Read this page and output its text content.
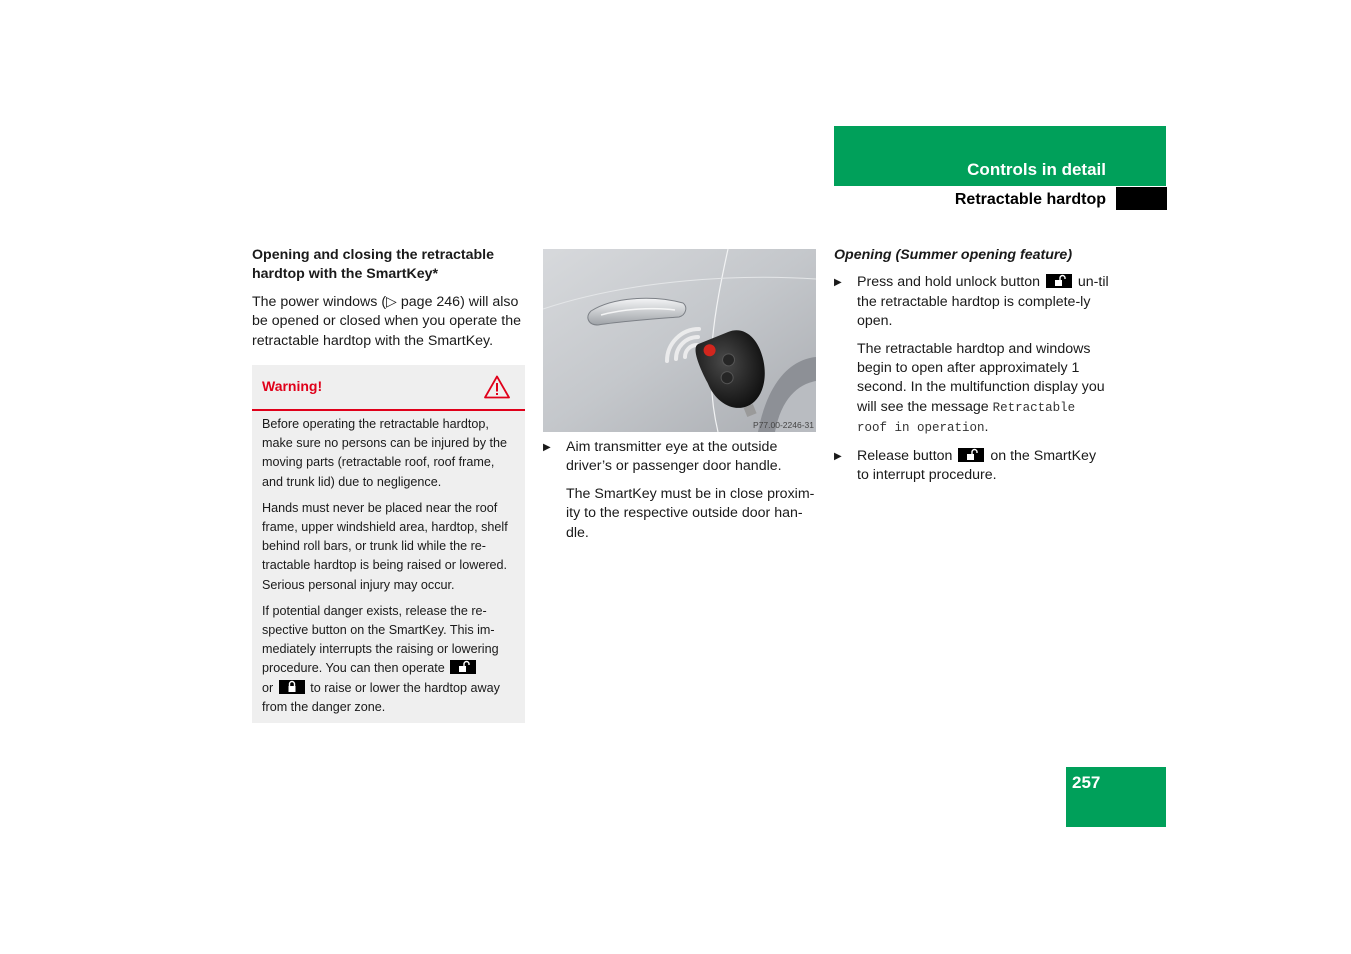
Controls in detail
Retractable hardtop

Opening and closing the retractable hardtop with the SmartKey*

The power windows (▷ page 246) will also be opened or closed when you operate the retractable hardtop with the SmartKey.

Warning!

Before operating the retractable hardtop, make sure no persons can be injured by the moving parts (retractable roof, roof frame, and trunk lid) due to negligence.

Hands must never be placed near the roof frame, upper windshield area, hardtop, shelf behind roll bars, or trunk lid while the re-tractable hardtop is being raised or lowered. Serious personal injury may occur.

If potential danger exists, release the re-spective button on the SmartKey. This im-mediately interrupts the raising or lowering procedure. You can then operate

or	to raise or lower the hardtop away from the danger zone.

P77.00-2246-31

▶ Aim transmitter eye at the outside driver’s or passenger door handle.

The SmartKey must be in close proxim-ity to the respective outside door han-dle.

Opening (Summer opening feature)

▶ Press and hold unlock button	un-til the retractable hardtop is complete-ly open.

The retractable hardtop and windows begin to open after approximately 1 second. In the multifunction display you will see the message Retractable roof in operation.

▶ Release button	on the SmartKey to interrupt procedure.

257
